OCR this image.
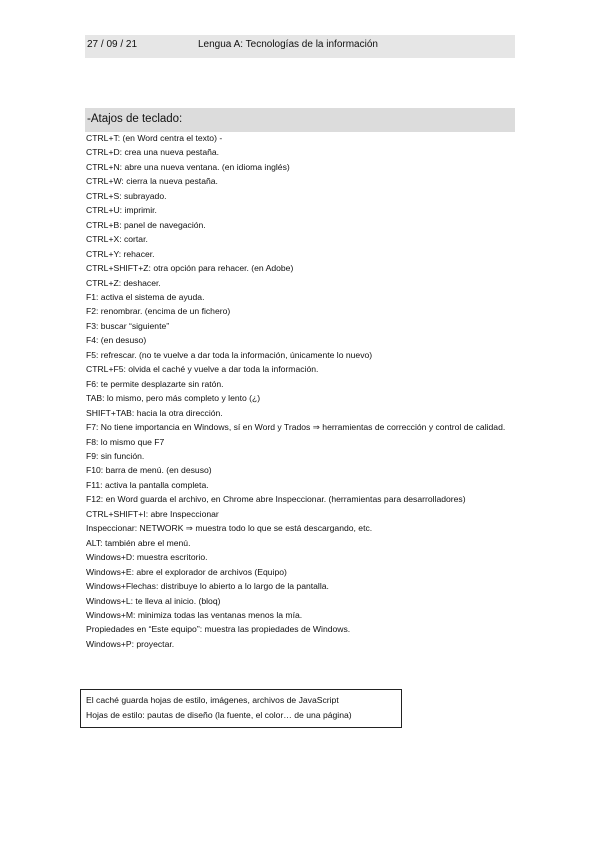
27 / 09 / 21	Lengua A: Tecnologías de la información
-Atajos de teclado:
CTRL+T: (en Word centra el texto) -
CTRL+D: crea una nueva pestaña.
CTRL+N: abre una nueva ventana. (en idioma inglés)
CTRL+W: cierra la nueva pestaña.
CTRL+S: subrayado.
CTRL+U: imprimir.
CTRL+B: panel de navegación.
CTRL+X: cortar.
CTRL+Y: rehacer.
CTRL+SHIFT+Z: otra opción para rehacer. (en Adobe)
CTRL+Z: deshacer.
F1: activa el sistema de ayuda.
F2: renombrar. (encima de un fichero)
F3: buscar “siguiente”
F4: (en desuso)
F5: refrescar. (no te vuelve a dar toda la información, únicamente lo nuevo)
CTRL+F5: olvida el caché y vuelve a dar toda la información.
F6: te permite desplazarte sin ratón.
TAB: lo mismo, pero más completo y lento (¿)
SHIFT+TAB: hacia la otra dirección.
F7: No tiene importancia en Windows, sí en Word y Trados ⇒ herramientas de corrección y control de calidad.
F8: lo mismo que F7
F9: sin función.
F10: barra de menú. (en desuso)
F11: activa la pantalla completa.
F12: en Word guarda el archivo, en Chrome abre Inspeccionar. (herramientas para desarrolladores)
CTRL+SHIFT+I: abre Inspeccionar
Inspeccionar: NETWORK ⇒ muestra todo lo que se está descargando, etc.
ALT: también abre el menú.
Windows+D: muestra escritorio.
Windows+E: abre el explorador de archivos (Equipo)
Windows+Flechas: distribuye lo abierto a lo largo de la pantalla.
Windows+L: te lleva al inicio. (bloq)
Windows+M: minimiza todas las ventanas menos la mía.
Propiedades en “Este equipo”: muestra las propiedades de Windows.
Windows+P: proyectar.
El caché guarda hojas de estilo, imágenes, archivos de JavaScript
Hojas de estilo: pautas de diseño (la fuente, el color… de una página)
